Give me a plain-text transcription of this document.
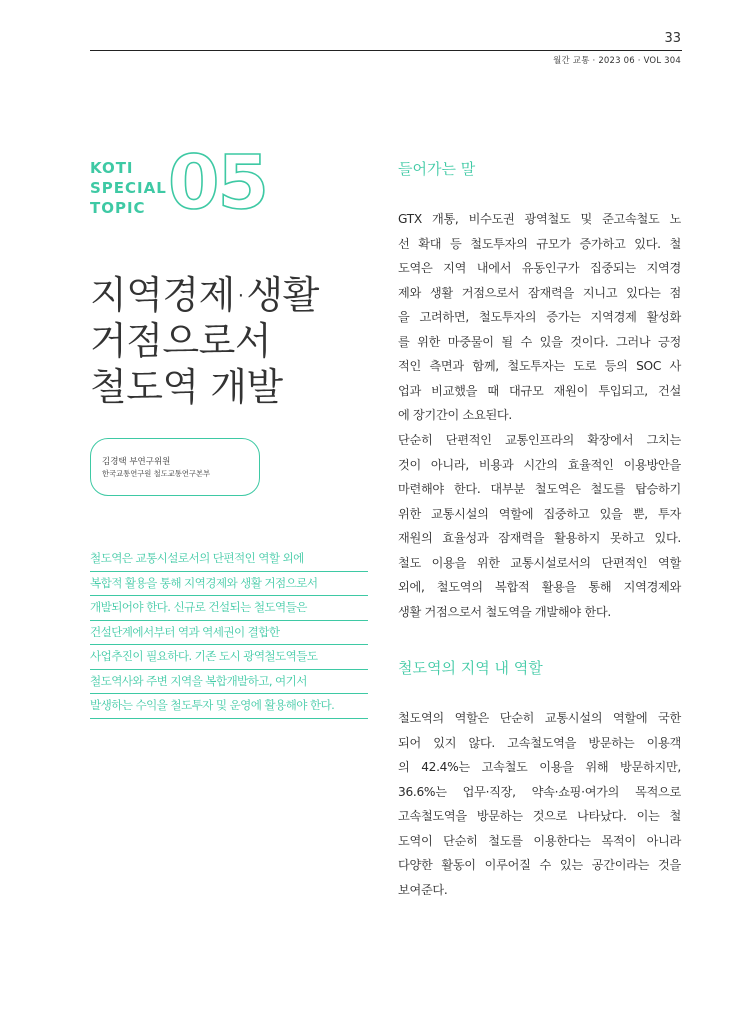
33
월간 교통 · 2023 06 · VOL 304
KOTI
SPECIAL
TOPIC 05
지역경제·생활
거점으로서
철도역 개발
김경택 부연구위원
한국교통연구원 철도교통연구본부
철도역은 교통시설로서의 단편적인 역할 외에
복합적 활용을 통해 지역경제와 생활 거점으로서
개발되어야 한다. 신규로 건설되는 철도역들은
건설단계에서부터 역과 역세권이 결합한
사업추진이 필요하다. 기존 도시 광역철도역들도
철도역사와 주변 지역을 복합개발하고, 여기서
발생하는 수익을 철도투자 및 운영에 활용해야 한다.
들어가는 말
GTX 개통, 비수도권 광역철도 및 준고속철도 노
선 확대 등 철도투자의 규모가 증가하고 있다. 철
도역은 지역 내에서 유동인구가 집중되는 지역경
제와 생활 거점으로서 잠재력을 지니고 있다는 점
을 고려하면, 철도투자의 증가는 지역경제 활성화
를 위한 마중물이 될 수 있을 것이다. 그러나 긍정
적인 측면과 함께, 철도투자는 도로 등의 SOC 사
업과 비교했을 때 대규모 재원이 투입되고, 건설
에 장기간이 소요된다.
단순히 단편적인 교통인프라의 확장에서 그치는
것이 아니라, 비용과 시간의 효율적인 이용방안을
마련해야 한다. 대부분 철도역은 철도를 탑승하기
위한 교통시설의 역할에 집중하고 있을 뿐, 투자
재원의 효율성과 잠재력을 활용하지 못하고 있다.
철도 이용을 위한 교통시설로서의 단편적인 역할
외에, 철도역의 복합적 활용을 통해 지역경제와
생활 거점으로서 철도역을 개발해야 한다.
철도역의 지역 내 역할
철도역의 역할은 단순히 교통시설의 역할에 국한
되어 있지 않다. 고속철도역을 방문하는 이용객
의 42.4%는 고속철도 이용을 위해 방문하지만,
36.6%는 업무·직장, 약속·쇼핑·여가의 목적으로
고속철도역을 방문하는 것으로 나타났다. 이는 철
도역이 단순히 철도를 이용한다는 목적이 아니라
다양한 활동이 이루어질 수 있는 공간이라는 것을
보여준다.
